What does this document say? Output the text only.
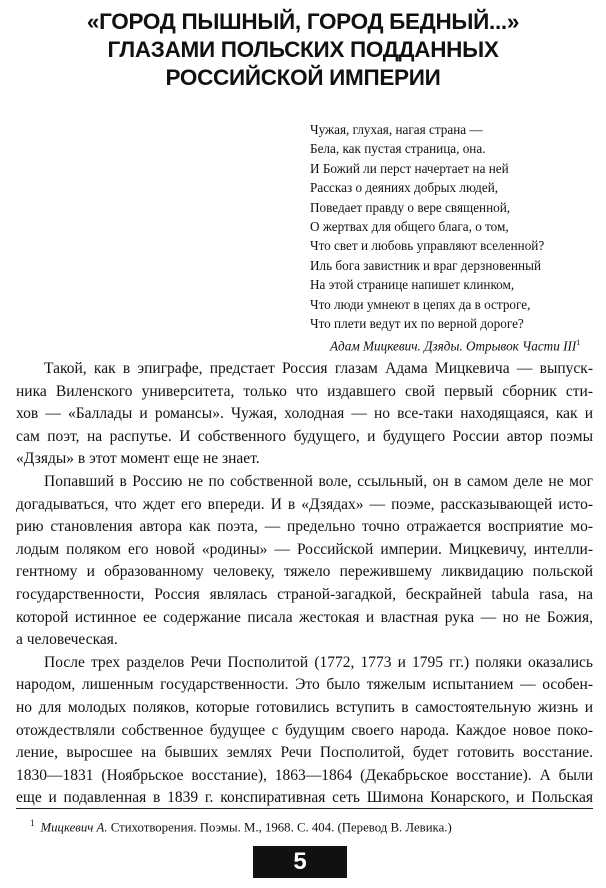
«ГОРОД ПЫШНЫЙ, ГОРОД БЕДНЫЙ...»
ГЛАЗАМИ ПОЛЬСКИХ ПОДДАННЫХ
РОССИЙСКОЙ ИМПЕРИИ
Чужая, глухая, нагая страна —
Бела, как пустая страница, она.
И Божий ли перст начертает на ней
Рассказ о деяниях добрых людей,
Поведает правду о вере священной,
О жертвах для общего блага, о том,
Что свет и любовь управляют вселенной?
Иль бога завистник и враг дерзновенный
На этой странице напишет клинком,
Что люди умнеют в цепях да в остроге,
Что плети ведут их по верной дороге?
Адам Мицкевич. Дзяды. Отрывок Части III$^1$

Такой, как в эпиграфе, предстает Россия глазам Адама Мицкевича — выпуск-

ника Виленского университета, только что издавшего свой первый сборник сти-

хов — «Баллады и романсы». Чужая, холодная — но все-таки находящаяся, как и

сам поэт, на распутье. И собственного будущего, и будущего России автор поэмы

«Дзяды» в этот момент еще не знает.

Попавший в Россию не по собственной воле, ссыльный, он в самом деле не мог

догадываться, что ждет его впереди. И в «Дзядах» — поэме, рассказывающей исто-

рию становления автора как поэта, — предельно точно отражается восприятие мо-

лодым поляком его новой «родины» — Российской империи. Мицкевичу, интелли-

гентному и образованному человеку, тяжело пережившему ликвидацию польской

государственности, Россия являлась страной-загадкой, бескрайней tabula rasa, на

которой истинное ее содержание писала жестокая и властная рука — но не Божия,

а человеческая.

После трех разделов Речи Посполитой (1772, 1773 и 1795 гг.) поляки оказались

народом, лишенным государственности. Это было тяжелым испытанием — особен-

но для молодых поляков, которые готовились вступить в самостоятельную жизнь и

отождествляли собственное будущее с будущим своего народа. Каждое новое поко-

ление, выросшее на бывших землях Речи Посполитой, будет готовить восстание.

1830—1831 (Ноябрьское восстание), 1863—1864 (Декабрьское восстание). А были

еще и подавленная в 1839 г. конспиративная сеть Шимона Конарского, и Польская

$^1$ Мицкевич А. Стихотворения. Поэмы. М., 1968. С. 404. (Перевод В. Левика.)
5
